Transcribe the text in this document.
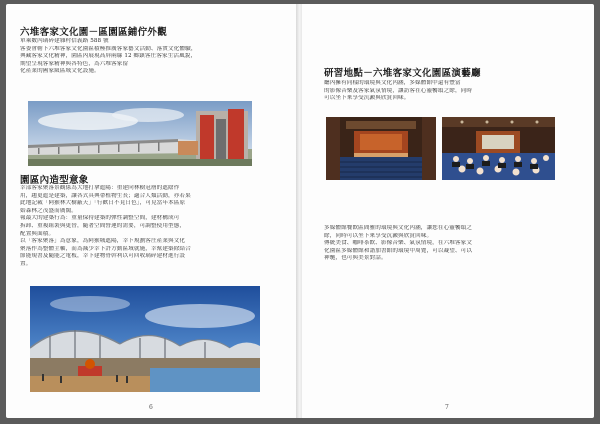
六堆客家文化園－區園區鋪佇外觀
單乘數內璃碎建雜村信義路 588 號
客委會轄下六堆客家文化園區積極推廣客家藝文活動、落實文化體驗，
典藏客家文化精神，園區內展現高屏兩縣 12 鄉鎮客庄客家生活風貌，
期望呈現客家精神與各特色，為六堆客家留
化產業的國家級區域文化設施。
園區內造型意象
幸部客家聚落景觀係為大地打拿遮陽：重建向林樹冠層的遮陰作
用，趨更遮是建築，讓各式具典帶植物生長；適合人類活動，亦若果
此地記載「阿猴林大樹蔽天」「行歡日不見日色」，可見當年本區原
始森林之茂盛而廣闊。
報最大的建築行為：重量保持建築的彈性調整空間，建材構成可
拆卸、重複組裝與更替，隨著空間營運的需要，可調整使用型態，
配置與面積。
以「客家聚落」為意象，為阿猴城遮陽，幸下規劃客庄產業與文化
聚落作為整體主軸，而為減少幸下許方動區域就施，幸幫建築除結合
節能規書及隨能之電板，幸下建物骨幹利以可回收璃碎建材進行設
置。
6
研習地點－六堆客家文化園區演藝廳
廳內擁有同樣的環境與文化內涵，多媒體館中還有豐富
的影像音樂及客家氣氛情境，讓訪客在心靈饗頌之餘，同時
可以坐下來享受沉澱與欣賞回味。
多媒體館餐飲區間雅的環境與文化內涵，讓您在心靈饗頌之
餘，同時可以坐下來享受沉澱與欣賞回味。
傳統美食、咖啡茶飲、影像音樂、氣氛情境，在六堆客家文
化園區多媒體館和諧加書館的環境中周覽，可以凝望、可以
神馳，也可與美景對話。
7
